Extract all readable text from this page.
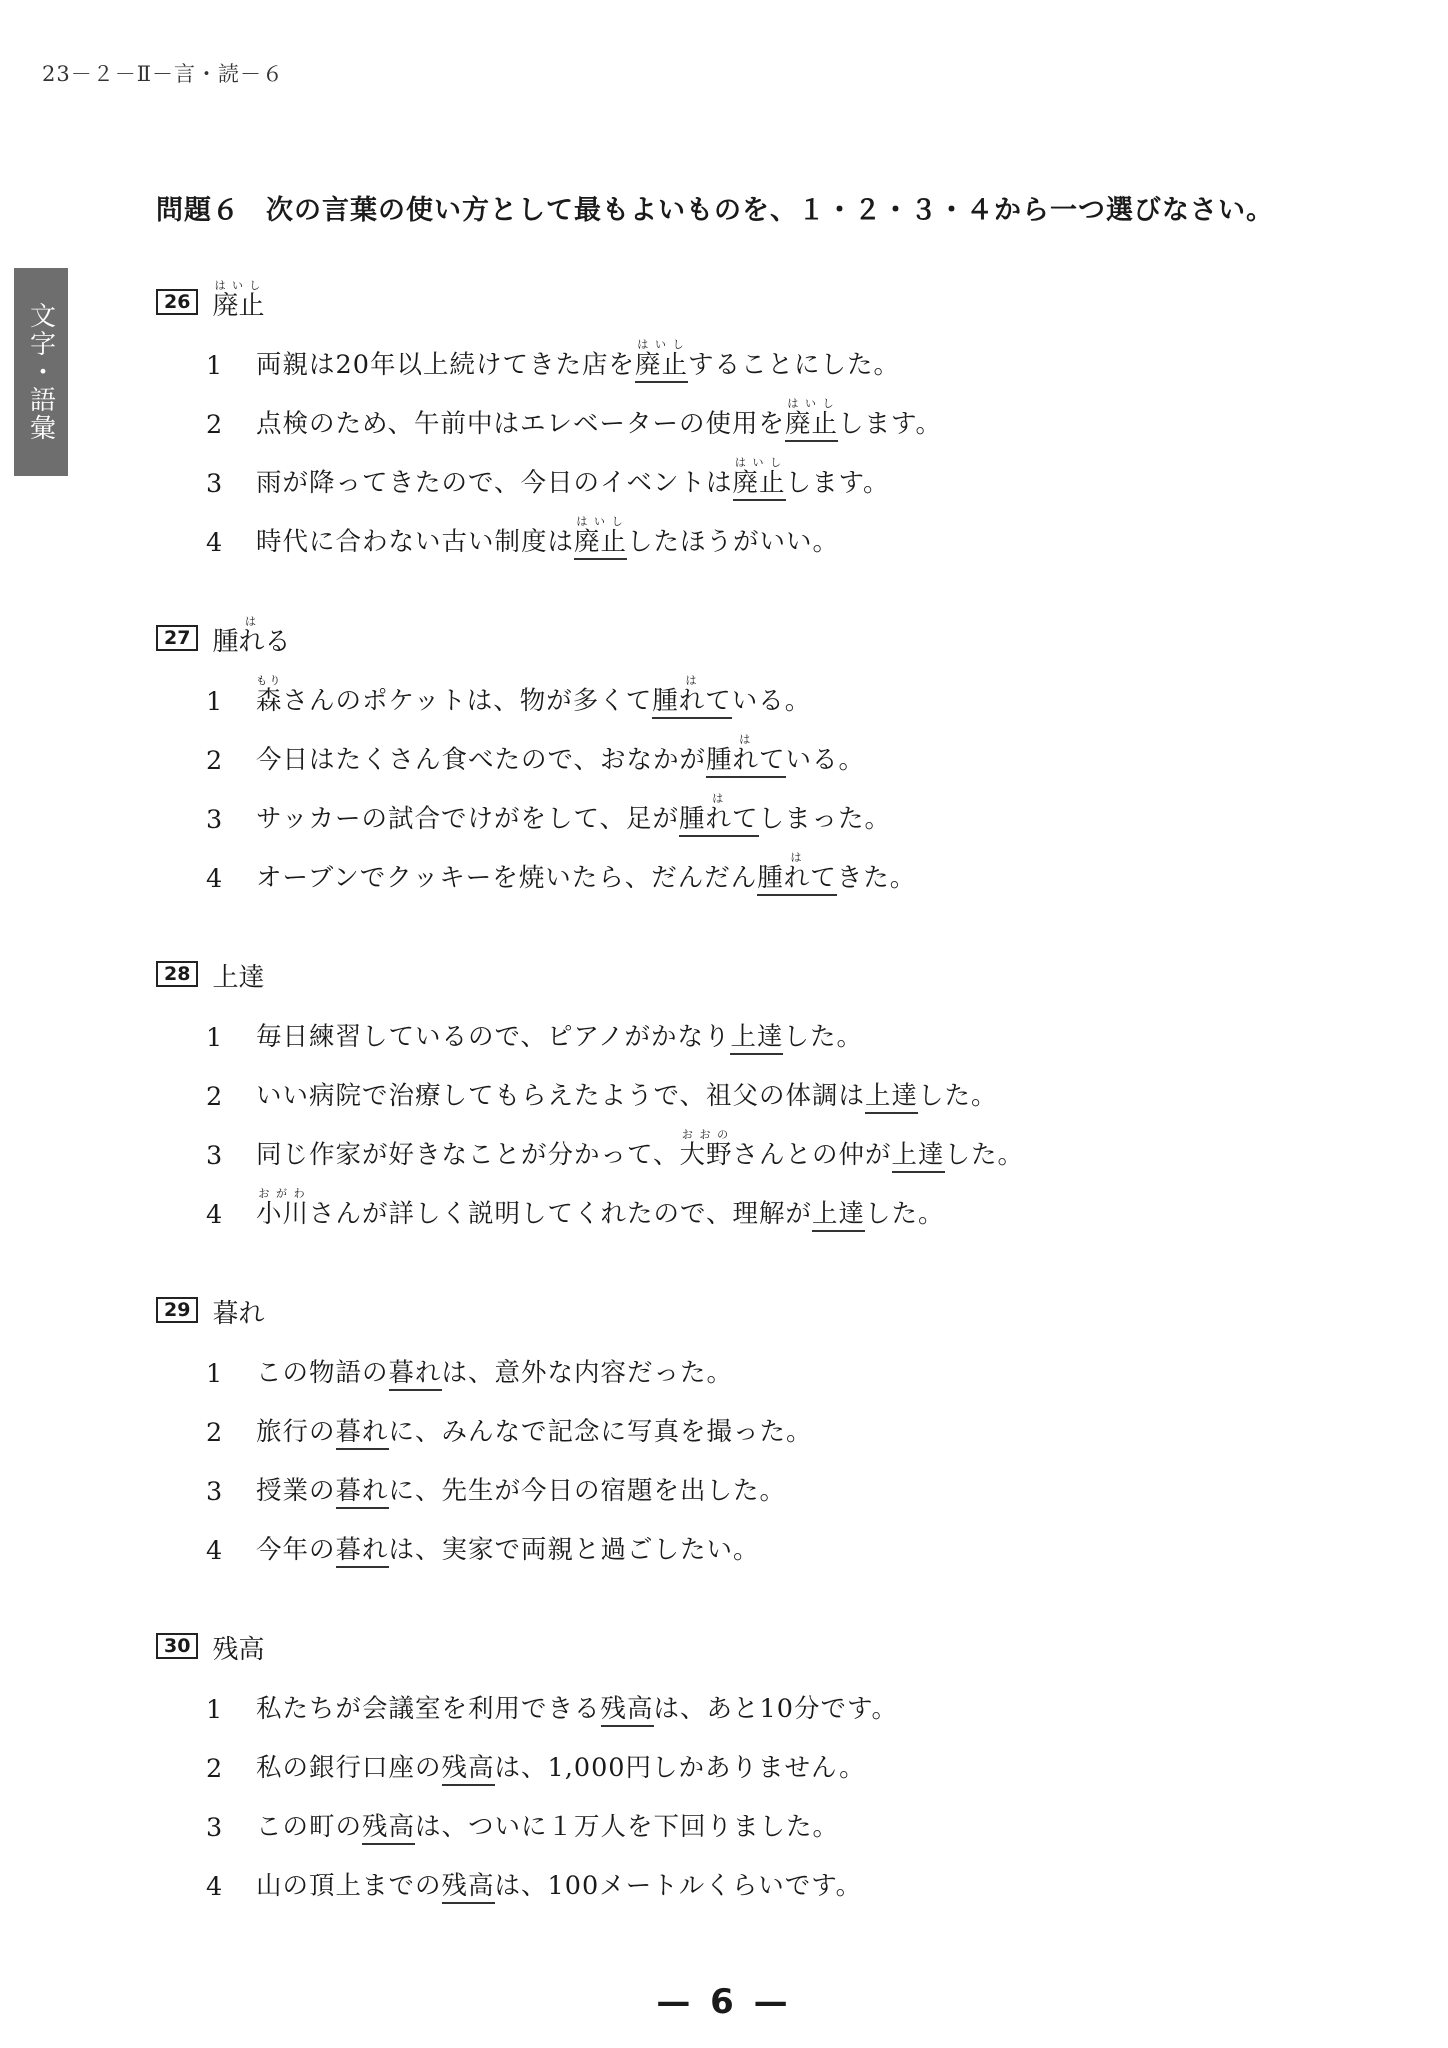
23－２－Ⅱ－言・読－６
文字・語彙
問題６ 次の言葉の使い方として最もよいものを、１・２・３・４から一つ選びなさい。
26 廃止はいし
1	両親は20年以上続けてきた店を廃止はいしすることにした。
2	点検のため、午前中はエレベーターの使用を廃止はいしします。
3	雨が降ってきたので、今日のイベントは廃止はいしします。
4	時代に合わない古い制度は廃止はいししたほうがいい。
27 腫れるは
1	森もりさんのポケットは、物が多くて腫れてはいる。
2	今日はたくさん食べたので、おなかが腫れてはいる。
3	サッカーの試合でけがをして、足が腫れてはしまった。
4	オーブンでクッキーを焼いたら、だんだん腫れてはきた。
28 上達
1	毎日練習しているので、ピアノがかなり上達した。
2	いい病院で治療してもらえたようで、祖父の体調は上達した。
3	同じ作家が好きなことが分かって、大野おおのさんとの仲が上達した。
4	小川おがわさんが詳しく説明してくれたので、理解が上達した。
29 暮れ
1	この物語の暮れは、意外な内容だった。
2	旅行の暮れに、みんなで記念に写真を撮った。
3	授業の暮れに、先生が今日の宿題を出した。
4	今年の暮れは、実家で両親と過ごしたい。
30 残高
1	私たちが会議室を利用できる残高は、あと10分です。
2	私の銀行口座の残高は、1,000円しかありません。
3	この町の残高は、ついに１万人を下回りました。
4	山の頂上までの残高は、100メートルくらいです。
— 6 —
